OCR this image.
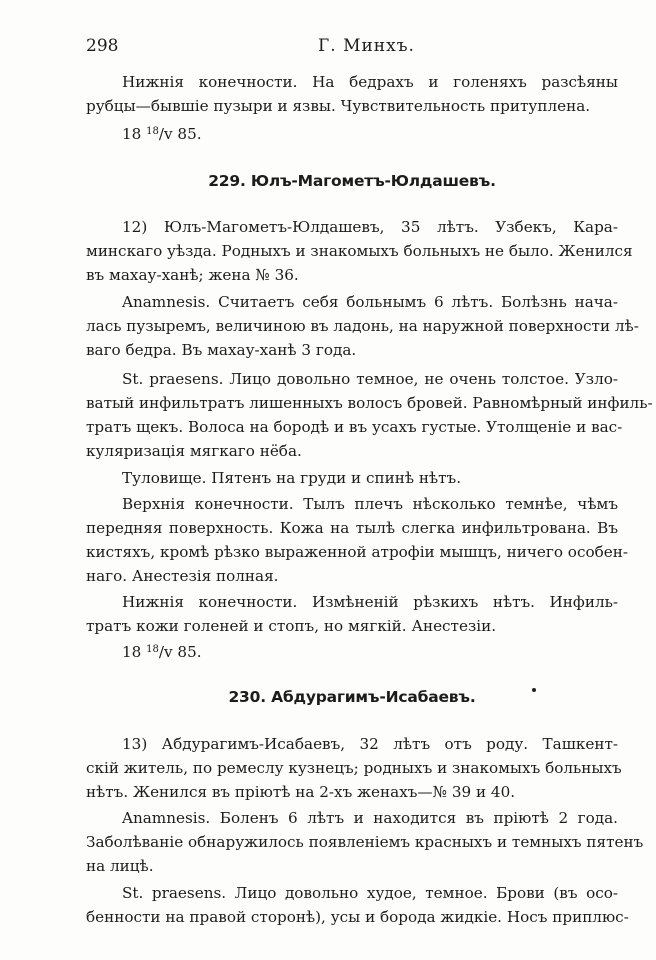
298	Г. Минхъ.
Нижнія конечности. На бедрахъ и голеняхъ разсѣяны
рубцы—бывшіе пузыри и язвы. Чувствительность притуплена.
18 $^{18}$/v 85.
229. Юлъ-Магометъ-Юлдашевъ.
12) Юлъ-Магометъ-Юлдашевъ, 35 лѣтъ. Узбекъ, Кара-
минскаго уѣзда. Родныхъ и знакомыхъ больныхъ не было. Женился
въ махау-ханѣ; жена № 36.
Anamnesis. Считаетъ себя больнымъ 6 лѣтъ. Болѣзнь нача-
лась пузыремъ, величиною въ ладонь, на наружной поверхности лѣ-
ваго бедра. Въ махау-ханѣ 3 года.
St. praesens. Лицо довольно темное, не очень толстое. Узло-
ватый инфильтратъ лишенныхъ волосъ бровей. Равномѣрный инфиль-
тратъ щекъ. Волоса на бородѣ и въ усахъ густые. Утолщеніе и вас-
куляризація мягкаго нёба.
Туловище. Пятенъ на груди и спинѣ нѣтъ.
Верхнія конечности. Тылъ плечъ нѣсколько темнѣе, чѣмъ
передняя поверхность. Кожа на тылѣ слегка инфильтрована. Въ
кистяхъ, кромѣ рѣзко выраженной атрофіи мышцъ, ничего особен-
наго. Анестезія полная.
Нижнія конечности. Измѣненій рѣзкихъ нѣтъ. Инфиль-
тратъ кожи голеней и стопъ, но мягкій. Анестезіи.
18 $^{18}$/v 85.
230. Абдурагимъ-Исабаевъ.
13) Абдурагимъ-Исабаевъ, 32 лѣтъ отъ роду. Ташкент-
скій житель, по ремеслу кузнецъ; родныхъ и знакомыхъ больныхъ
нѣтъ. Женился въ пріютѣ на 2-хъ женахъ—№ 39 и 40.
Anamnesis. Боленъ 6 лѣтъ и находится въ пріютѣ 2 года.
Заболѣваніе обнаружилось появленіемъ красныхъ и темныхъ пятенъ
на лицѣ.
St. praesens. Лицо довольно худое, темное. Брови (въ осо-
бенности на правой сторонѣ), усы и борода жидкіе. Носъ приплюс-
